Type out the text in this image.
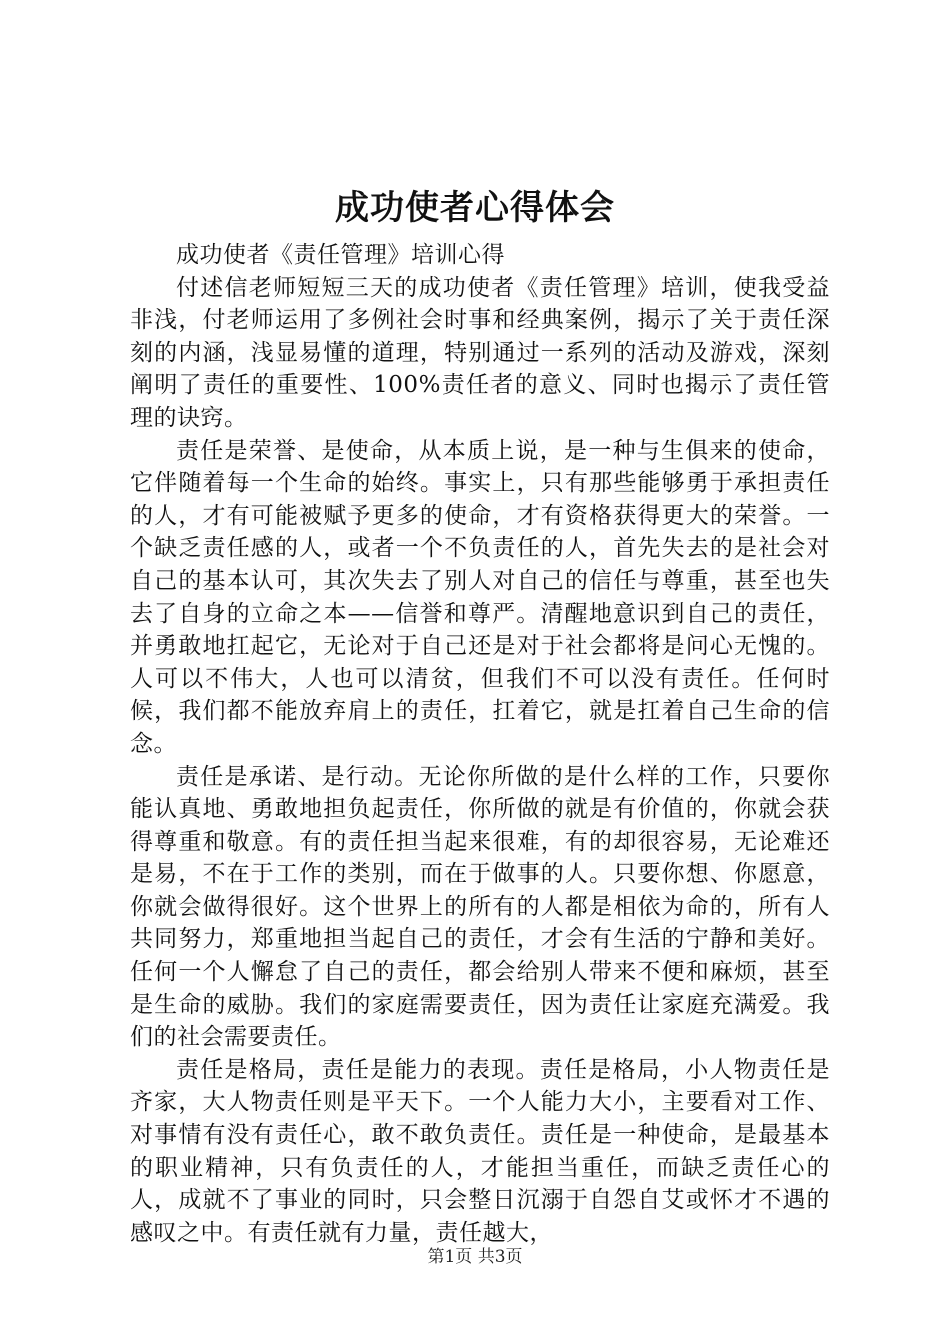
成功使者心得体会

成功使者《责任管理》培训心得

付述信老师短短三天的成功使者《责任管理》培训，使我受益非浅，付老师运用了多例社会时事和经典案例，揭示了关于责任深刻的内涵，浅显易懂的道理，特别通过一系列的活动及游戏，深刻阐明了责任的重要性、100%责任者的意义、同时也揭示了责任管理的诀窍。

责任是荣誉、是使命，从本质上说，是一种与生俱来的使命，它伴随着每一个生命的始终。事实上，只有那些能够勇于承担责任的人，才有可能被赋予更多的使命，才有资格获得更大的荣誉。一个缺乏责任感的人，或者一个不负责任的人，首先失去的是社会对自己的基本认可，其次失去了别人对自己的信任与尊重，甚至也失去了自身的立命之本——信誉和尊严。清醒地意识到自己的责任，并勇敢地扛起它，无论对于自己还是对于社会都将是问心无愧的。人可以不伟大，人也可以清贫，但我们不可以没有责任。任何时候，我们都不能放弃肩上的责任，扛着它，就是扛着自己生命的信念。

责任是承诺、是行动。无论你所做的是什么样的工作，只要你能认真地、勇敢地担负起责任，你所做的就是有价值的，你就会获得尊重和敬意。有的责任担当起来很难，有的却很容易，无论难还是易，不在于工作的类别，而在于做事的人。只要你想、你愿意，你就会做得很好。这个世界上的所有的人都是相依为命的，所有人共同努力，郑重地担当起自己的责任，才会有生活的宁静和美好。任何一个人懈怠了自己的责任，都会给别人带来不便和麻烦，甚至是生命的威胁。我们的家庭需要责任，因为责任让家庭充满爱。我们的社会需要责任。

责任是格局，责任是能力的表现。责任是格局，小人物责任是齐家，大人物责任则是平天下。一个人能力大小，主要看对工作、对事情有没有责任心，敢不敢负责任。责任是一种使命，是最基本的职业精神，只有负责任的人，才能担当重任，而缺乏责任心的人，成就不了事业的同时，只会整日沉溺于自怨自艾或怀才不遇的感叹之中。有责任就有力量，责任越大，

第1页 共3页
